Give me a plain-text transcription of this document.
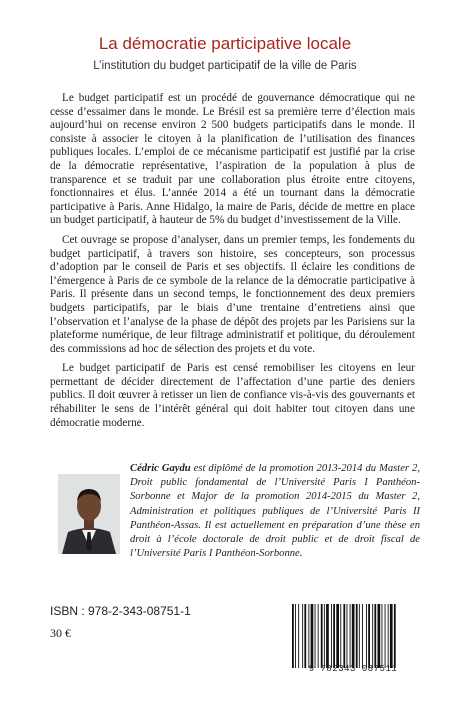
La démocratie participative locale
L’institution du budget participatif de la ville de Paris

Le budget participatif est un procédé de gouvernance démocratique qui ne cesse d’essaimer dans le monde. Le Brésil est sa première terre d’élection mais aujourd’hui on recense environ 2 500 budgets participatifs dans le monde. Il consiste à associer le citoyen à la planification de l’utilisation des finances publiques locales. L’emploi de ce mécanisme participatif est justifié par la crise de la démocratie représentative, l’aspiration de la population à plus de transparence et se traduit par une collaboration plus étroite entre citoyens, fonctionnaires et élus. L’année 2014 a été un tournant dans la démocratie participative à Paris. Anne Hidalgo, la maire de Paris, décide de mettre en place un budget participatif, à hauteur de 5% du budget d’investissement de la Ville.

Cet ouvrage se propose d’analyser, dans un premier temps, les fondements du budget participatif, à travers son histoire, ses concepteurs, son processus d’adoption par le conseil de Paris et ses objectifs. Il éclaire les conditions de l’émergence à Paris de ce symbole de la relance de la démocratie participative à Paris. Il présente dans un second temps, le fonctionnement des deux premiers budgets participatifs, par le biais d’une trentaine d’entretiens ainsi que l’observation et l’analyse de la phase de dépôt des projets par les Parisiens sur la plateforme numérique, de leur filtrage administratif et politique, du déroulement des commissions ad hoc de sélection des projets et du vote.

Le budget participatif de Paris est censé remobiliser les citoyens en leur permettant de décider directement de l’affectation d’une partie des deniers publics. Il doit œuvrer à retisser un lien de confiance vis-à-vis des gouvernants et réhabiliter le sens de l’intérêt général qui doit habiter tout citoyen dans une démocratie moderne.

Cédric Gaydu est diplômé de la promotion 2013-2014 du Master 2, Droit public fondamental de l’Université Paris I Panthéon-Sorbonne et Major de la promotion 2014-2015 du Master 2, Administration et politiques publiques de l’Université Paris II Panthéon-Assas. Il est actuellement en préparation d’une thèse en droit à l’école doctorale de droit public et de droit fiscal de l’Université Paris I Panthéon-Sorbonne.
ISBN : 978-2-343-08751-1
30 €
9 782343 087511
